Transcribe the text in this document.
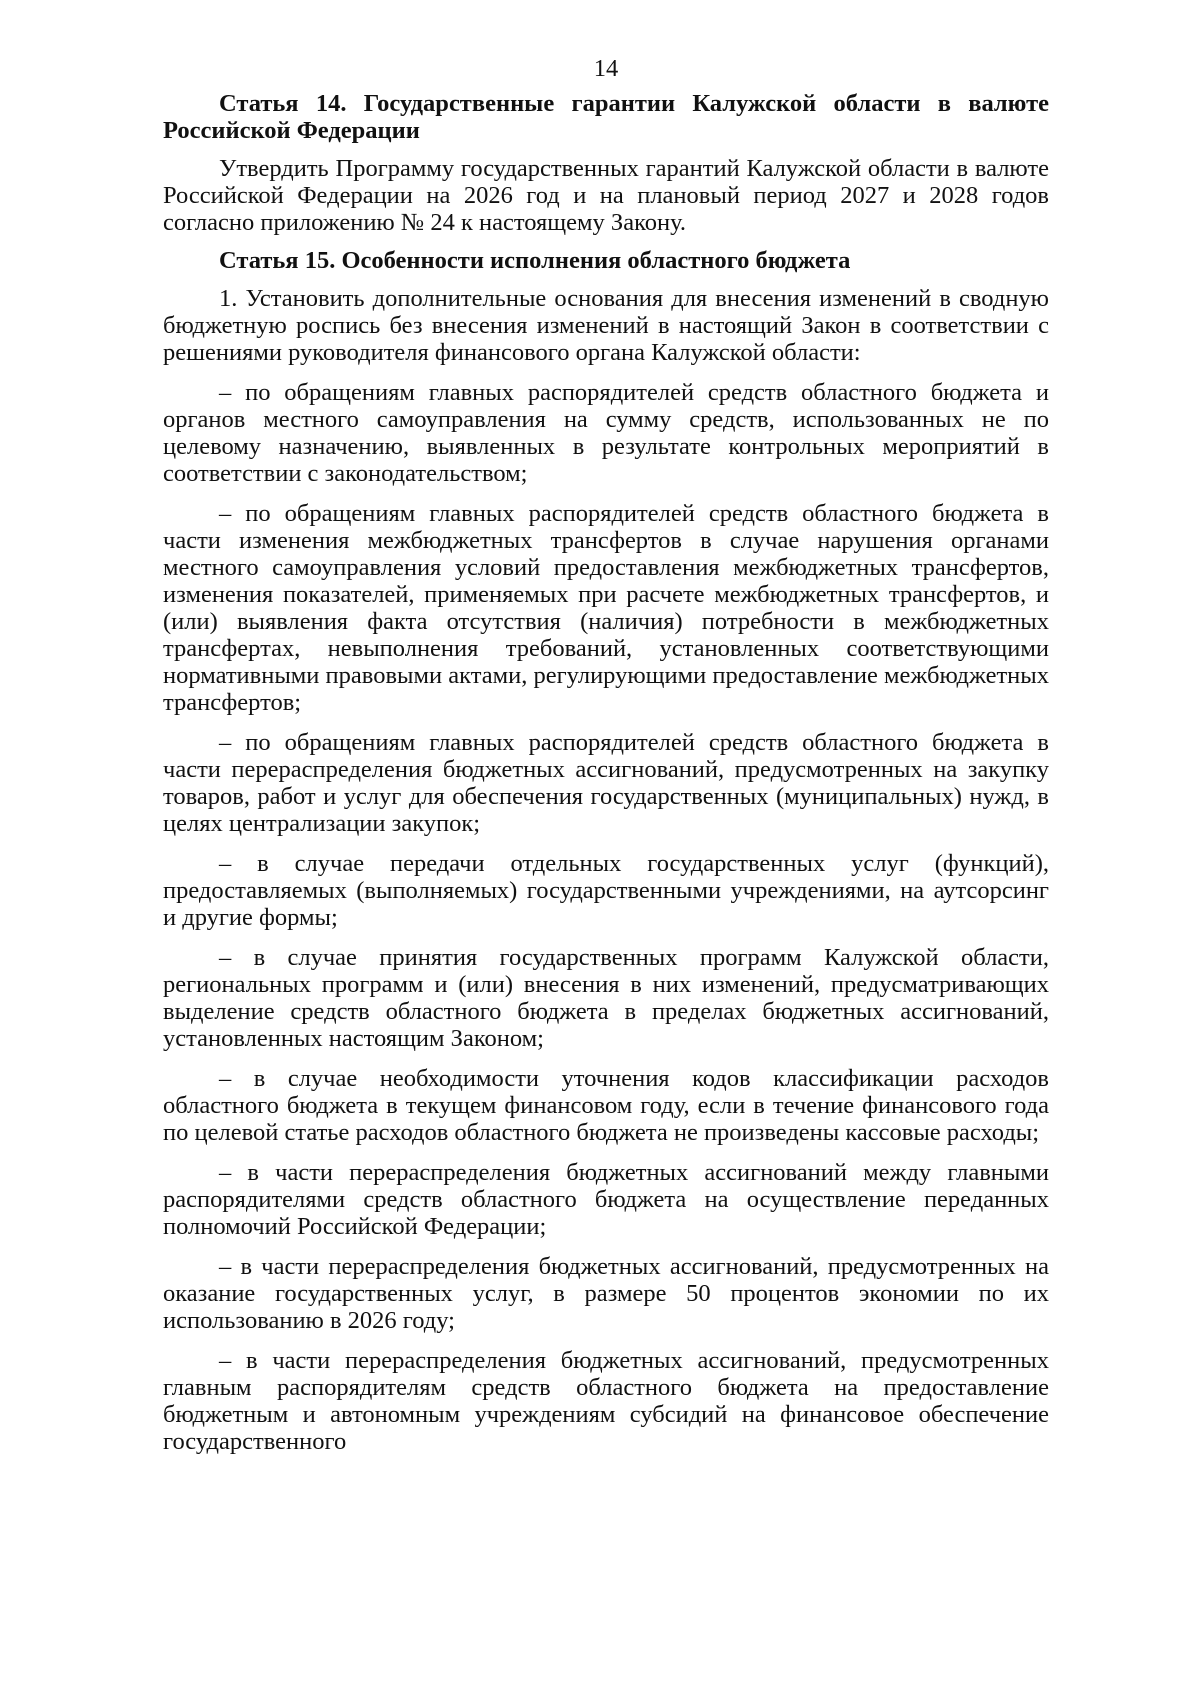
14

Статья 14. Государственные гарантии Калужской области в валюте Российской Федерации

Утвердить Программу государственных гарантий Калужской области в валюте Российской Федерации на 2026 год и на плановый период 2027 и 2028 годов согласно приложению № 24 к настоящему Закону.

Статья 15. Особенности исполнения областного бюджета

1. Установить дополнительные основания для внесения изменений в сводную бюджетную роспись без внесения изменений в настоящий Закон в соответствии с решениями руководителя финансового органа Калужской области:

– по обращениям главных распорядителей средств областного бюджета и органов местного самоуправления на сумму средств, использованных не по целевому назначению, выявленных в результате контрольных мероприятий в соответствии с законодательством;

– по обращениям главных распорядителей средств областного бюджета в части изменения межбюджетных трансфертов в случае нарушения органами местного самоуправления условий предоставления межбюджетных трансфертов, изменения показателей, применяемых при расчете межбюджетных трансфертов, и (или) выявления факта отсутствия (наличия) потребности в межбюджетных трансфертах, невыполнения требований, установленных соответствующими нормативными правовыми актами, регулирующими предоставление межбюджетных трансфертов;

– по обращениям главных распорядителей средств областного бюджета в части перераспределения бюджетных ассигнований, предусмотренных на закупку товаров, работ и услуг для обеспечения государственных (муниципальных) нужд, в целях централизации закупок;

– в случае передачи отдельных государственных услуг (функций), предоставляемых (выполняемых) государственными учреждениями, на аутсорсинг и другие формы;

– в случае принятия государственных программ Калужской области, региональных программ и (или) внесения в них изменений, предусматривающих выделение средств областного бюджета в пределах бюджетных ассигнований, установленных настоящим Законом;

– в случае необходимости уточнения кодов классификации расходов областного бюджета в текущем финансовом году, если в течение финансового года по целевой статье расходов областного бюджета не произведены кассовые расходы;

– в части перераспределения бюджетных ассигнований между главными распорядителями средств областного бюджета на осуществление переданных полномочий Российской Федерации;

– в части перераспределения бюджетных ассигнований, предусмотренных на оказание государственных услуг, в размере 50 процентов экономии по их использованию в 2026 году;

– в части перераспределения бюджетных ассигнований, предусмотренных главным распорядителям средств областного бюджета на предоставление бюджетным и автономным учреждениям субсидий на финансовое обеспечение государственного
